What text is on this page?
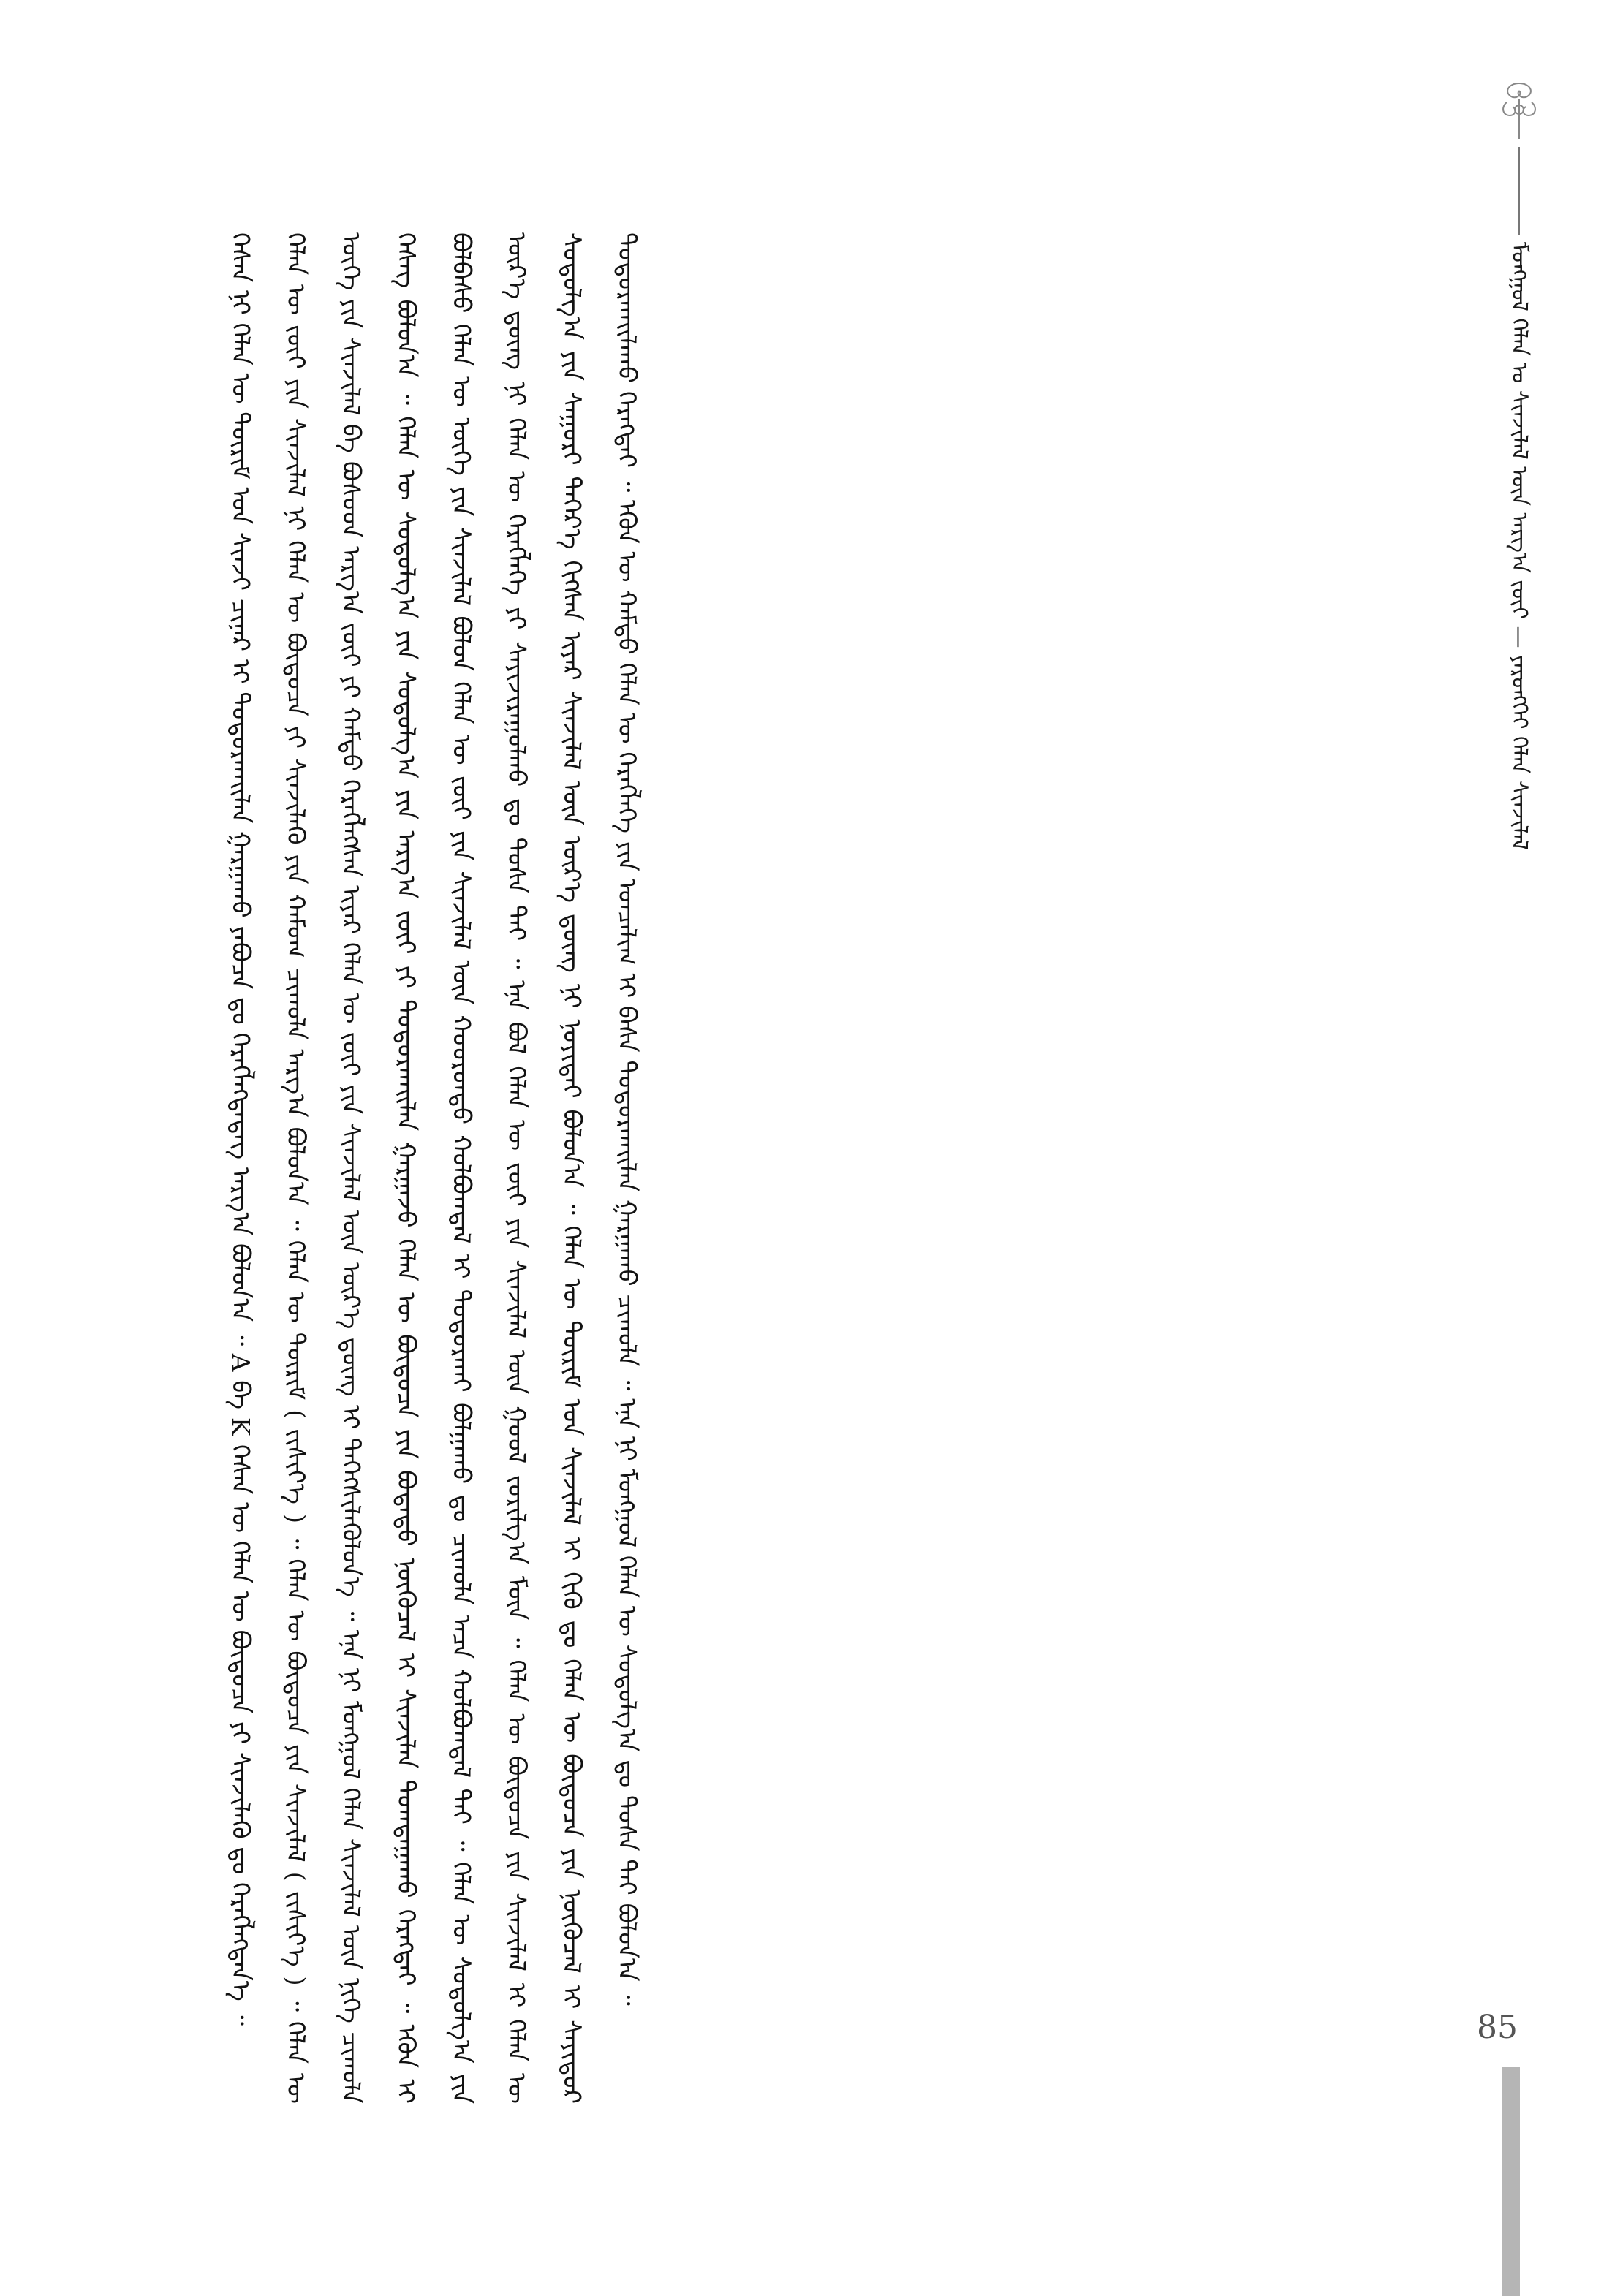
ᠮᠣᠩᠭᠣᠯ ᠬᠡᠯᠡᠨ ᠤ ᠰᠢᠨᠵᠢᠯᠡᠯ ᠦᠨ ᠠᠷᠭ᠎ᠠ ᠵᠦᠢ — ᠶᠡᠷᠦᠩᠬᠡᠢ ᠬᠡᠯᠡᠨ ᠰᠢᠨᠵᠢᠯᠡᠯ

ᠭᠡᠰᠡᠨ ᠨᠢ ᠬᠡᠯᠡᠨ ᠦ ᠳᠦᠷᠢᠮ ᠤᠨ ᠰᠢᠨᠵᠢ ᠴᠢᠨᠠᠷ ᠢ ᠲᠣᠳᠣᠷᠬᠠᠢᠯᠠᠨ ᠭᠠᠷᠭᠠᠬᠤ ᠶᠠᠪᠤᠴᠠ ᠳᠤ ᠬᠡᠷᠡᠭᠯᠡᠭᠳᠡᠳᠡᠭ ᠠᠷᠭ᠎ᠠ ᠪᠣᠯᠤᠨ᠎ᠠ ᠃ A ᠪᠠ K ᠭᠡᠰᠡᠨ ᠦ ᠬᠡᠯᠡᠨ ᠦ ᠪᠦᠲᠦᠴᠡ ᠶᠢ ᠰᠢᠨᠵᠢᠯᠡᠬᠦ ᠳᠤ ᠬᠡᠷᠡᠭᠯᠡᠭᠳᠡᠨ᠎ᠡ ᠃	ᠬᠡᠯᠡᠨ ᠦ ᠵᠦᠢ ᠶᠢᠨ ᠰᠢᠨᠵᠢᠯᠡᠯ ᠨᠢ ᠬᠡᠯᠡᠨ ᠦ ᠪᠦᠲᠦᠴᠡ ᠶᠢ ᠰᠢᠨᠵᠢᠯᠡᠬᠦ ᠶᠢᠨ ᠬᠠᠮᠤᠭ ᠴᠢᠬᠤᠯᠠ ᠠᠷᠭ᠎ᠠ ᠪᠣᠯᠤᠨ᠎ᠠ ᠃ ᠬᠡᠯᠡᠨ ᠦ ᠳᠦᠷᠢᠮ ( ᠵᠢᠱᠢᠶ᠎ᠡ ) ᠃ ᠬᠡᠯᠡᠨ ᠦ ᠪᠦᠲᠦᠴᠡ ᠶᠢᠨ ᠰᠢᠨᠵᠢᠯᠡᠯ ( ᠵᠢᠱᠢᠶ᠎ᠡ ) ᠃ ᠬᠡᠯᠡᠨ ᠦ ᠦᠭᠡ ᠶᠢᠨ ᠰᠢᠨᠵᠢᠯᠡᠯ ᠪᠠ ᠪᠤᠰᠤᠳ ᠠᠷᠭ᠎ᠠ ᠵᠦᠢ ᠶᠢ ᠬᠠᠮᠲᠤ ᠬᠡᠷᠡᠭᠯᠡᠭᠰᠡᠨ ᠢᠶᠡᠷ ᠬᠡᠯᠡᠨ ᠦ ᠵᠦᠢ ᠶᠢᠨ ᠰᠢᠨᠵᠢᠯᠡᠯ ᠦᠨ ᠦᠷ᠎ᠡ ᠳ᠋ᠦᠩ ᠢ ᠳᠡᠭᠡᠭᠰᠢᠯᠡᠭᠦᠯᠦᠨ᠎ᠡ ᠃ ᠡᠨᠡ ᠨᠢ ᠮᠣᠩᠭᠣᠯ ᠬᠡᠯᠡᠨ ᠰᠢᠨᠵᠢᠯᠡᠯ ᠦᠨ ᠨᠢᠭᠡ ᠴᠢᠬᠤᠯᠠ ᠬᠡᠰᠡᠭ ᠪᠣᠯᠤᠨ᠎ᠠ ᠃ ᠬᠡᠯᠡᠨ ᠦ ᠰᠤᠳᠤᠯᠭ᠎ᠠ ᠶᠢᠨ ᠰᠤᠳᠤᠯᠭ᠎ᠠ ᠶᠢᠨ ᠠᠷᠭ᠎ᠠ ᠵᠦᠢ ᠶᠢ ᠲᠣᠳᠣᠷᠬᠠᠢᠯᠠᠨ ᠭᠠᠷᠭᠠᠵᠤ ᠬᠡᠯᠡᠨ ᠦ ᠪᠦᠲᠦᠴᠡ ᠶᠢᠨ ᠪᠣᠳᠠᠲᠤ ᠨᠥᠬᠦᠴᠡᠯ ᠢ ᠰᠢᠨᠵᠢᠯᠡᠨ ᠲᠣᠭᠲᠠᠭᠠᠬᠤ ᠬᠡᠷᠡᠭᠲᠡᠢ ᠃ ᠡᠭᠦᠨ ᠢ ᠪᠣᠯᠪᠠᠰᠤ ᠬᠡᠯᠡᠨ ᠦ ᠦᠭᠡ ᠶᠢᠨ ᠰᠢᠨᠵᠢᠯᠡᠯ ᠪᠣᠯᠤᠨ ᠬᠡᠯᠡᠨ ᠦ ᠵᠦᠢ ᠶᠢᠨ ᠰᠢᠨᠵᠢᠯᠡᠯ ᠦᠨ ᠬᠣᠣᠷᠤᠨᠳᠤ ᠬᠣᠯᠪᠣᠭᠳᠠᠯ ᠢ ᠲᠣᠳᠣᠷᠬᠠᠢ ᠪᠣᠯᠭᠠᠬᠤ ᠳᠤ ᠴᠢᠬᠤᠯᠠ ᠠᠴᠠ ᠬᠣᠯᠪᠤᠭᠳᠠᠯ ᠲᠠᠢ ᠃ ᠬᠡᠯᠡᠨ ᠦ ᠰᠤᠳᠤᠯᠭ᠎ᠠ ᠶᠢᠨ ᠦᠷ᠎ᠡ ᠳ᠋ᠦᠩ ᠨᠢ ᠬᠡᠯᠡᠨ ᠦ ᠬᠡᠷᠡᠭᠯᠡᠭᠡ ᠶᠢ ᠰᠠᠶᠢᠵᠢᠷᠠᠭᠤᠯᠬᠤ ᠳᠤ ᠲᠤᠰᠠ ᠲᠠᠢ ᠃ ᠡᠨᠡ ᠪᠣᠯ ᠬᠡᠯᠡᠨ ᠦ ᠵᠦᠢ ᠶᠢᠨ ᠰᠢᠨᠵᠢᠯᠡᠯ ᠦᠨ ᠭᠣᠣᠯ ᠵᠣᠷᠢᠯᠭ᠎ᠠ ᠮᠦᠨ ᠃ ᠬᠡᠯᠡᠨ ᠦ ᠪᠦᠲᠦᠴᠡ ᠶᠢᠨ ᠰᠢᠨᠵᠢᠯᠡᠯ ᠢ ᠬᠡᠯᠡᠨ ᠦ ᠰᠤᠳᠤᠯᠭ᠎ᠠ ᠶᠢᠨ ᠰᠠᠭᠤᠷᠢ ᠳᠡᠭᠡᠷ᠎ᠡ ᠬᠢᠭᠰᠡᠨ ᠢᠶᠡᠷ ᠰᠢᠨᠵᠢᠯᠡᠯ ᠦᠨ ᠦᠷ᠎ᠡ ᠳ᠋ᠦᠩ ᠨᠢ ᠨᠣᠶᠢᠲᠠᠢ ᠪᠣᠯᠤᠨ᠎ᠠ ᠃ ᠬᠡᠯᠡᠨ ᠦ ᠳᠦᠷᠢᠮ ᠤᠨ ᠰᠢᠨᠵᠢᠯᠡᠯ ᠢ ᠬᠢᠬᠦ ᠳᠤ ᠬᠡᠯᠡᠨ ᠦ ᠪᠦᠲᠦᠴᠡ ᠶᠢᠨ ᠨᠥᠬᠦᠴᠡᠯ ᠢ ᠰᠠᠶᠢᠲᠤᠷ ᠲᠣᠳᠣᠷᠬᠠᠢᠯᠠᠬᠤ ᠬᠡᠷᠡᠭᠲᠡᠢ ᠃ ᠡᠭᠦᠨ ᠦ ᠬᠠᠮᠲᠤ ᠬᠡᠯᠡᠨ ᠦ ᠬᠡᠷᠡᠭᠯᠡᠭᠡ ᠶᠢᠨ ᠣᠨᠴᠠᠯᠢᠭ ᠢ ᠪᠠᠰᠠ ᠲᠣᠳᠣᠷᠬᠠᠢᠯᠠᠨ ᠭᠠᠷᠭᠠᠬᠤ ᠴᠢᠬᠤᠯᠠ ᠃ ᠡᠨᠡ ᠨᠢ ᠮᠣᠩᠭᠣᠯ ᠬᠡᠯᠡᠨ ᠦ ᠰᠤᠳᠤᠯᠭ᠎ᠠ ᠳᠤ ᠲᠤᠰᠠ ᠲᠠᠢ ᠪᠣᠯᠤᠨ᠎ᠠ ᠃

85
